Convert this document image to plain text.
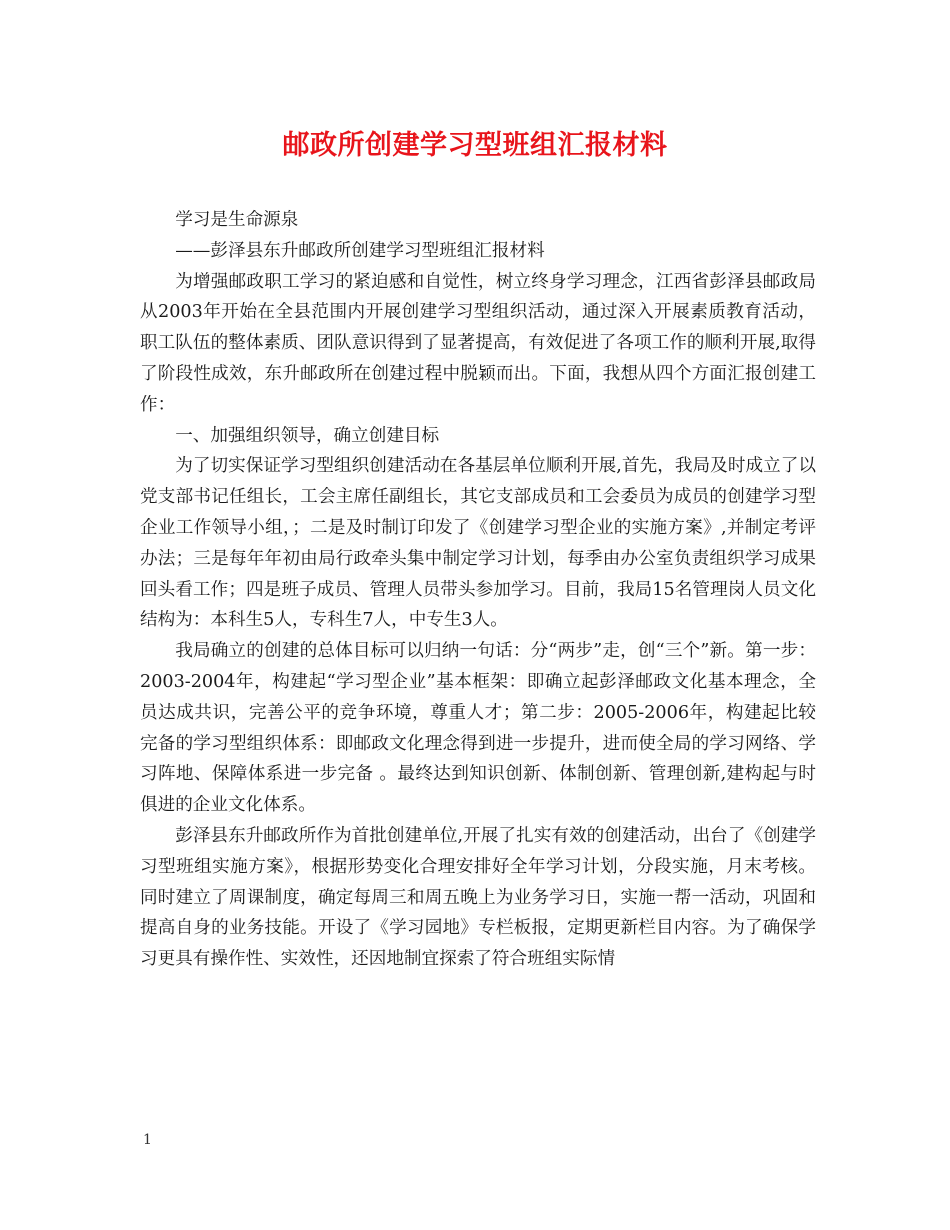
邮政所创建学习型班组汇报材料

学习是生命源泉

——彭泽县东升邮政所创建学习型班组汇报材料

为增强邮政职工学习的紧迫感和自觉性，树立终身学习理念，江西省彭泽县邮政局从2003年开始在全县范围内开展创建学习型组织活动，通过深入开展素质教育活动，职工队伍的整体素质、团队意识得到了显著提高，有效促进了各项工作的顺利开展,取得了阶段性成效，东升邮政所在创建过程中脱颖而出。下面，我想从四个方面汇报创建工作：

一、加强组织领导，确立创建目标

为了切实保证学习型组织创建活动在各基层单位顺利开展,首先，我局及时成立了以党支部书记任组长，工会主席任副组长，其它支部成员和工会委员为成员的创建学习型企业工作领导小组，；二是及时制订印发了《创建学习型企业的实施方案》,并制定考评办法；三是每年年初由局行政牵头集中制定学习计划，每季由办公室负责组织学习成果回头看工作；四是班子成员、管理人员带头参加学习。目前，我局15名管理岗人员文化结构为：本科生5人，专科生7人，中专生3人。

我局确立的创建的总体目标可以归纳一句话：分“两步”走，创“三个”新。第一步：2003-2004年，构建起“学习型企业”基本框架：即确立起彭泽邮政文化基本理念，全员达成共识，完善公平的竞争环境，尊重人才；第二步：2005-2006年，构建起比较完备的学习型组织体系：即邮政文化理念得到进一步提升，进而使全局的学习网络、学习阵地、保障体系进一步完备 。最终达到知识创新、体制创新、管理创新,建构起与时俱进的企业文化体系。

彭泽县东升邮政所作为首批创建单位,开展了扎实有效的创建活动，出台了《创建学习型班组实施方案》，根据形势变化合理安排好全年学习计划，分段实施，月末考核。同时建立了周课制度，确定每周三和周五晚上为业务学习日，实施一帮一活动，巩固和提高自身的业务技能。开设了《学习园地》专栏板报，定期更新栏目内容。为了确保学习更具有操作性、实效性，还因地制宜探索了符合班组实际情

1
